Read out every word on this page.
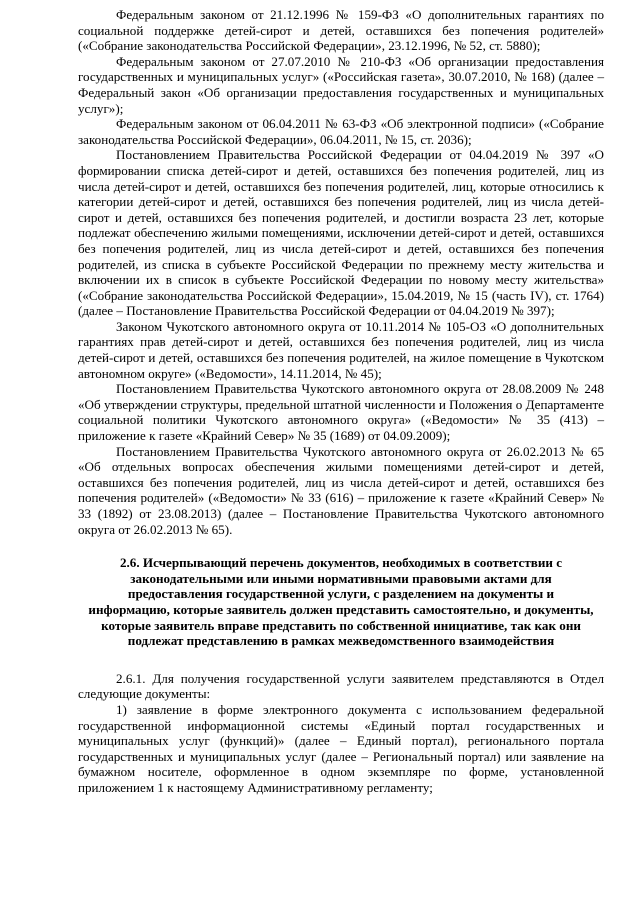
Федеральным законом от 21.12.1996 № 159-ФЗ «О дополнительных гарантиях по социальной поддержке детей-сирот и детей, оставшихся без попечения родителей» («Собрание законодательства Российской Федерации», 23.12.1996, № 52, ст. 5880);

Федеральным законом от 27.07.2010 № 210-ФЗ «Об организации предоставления государственных и муниципальных услуг» («Российская газета», 30.07.2010, № 168) (далее – Федеральный закон «Об организации предоставления государственных и муниципальных услуг»);

Федеральным законом от 06.04.2011 № 63-ФЗ «Об электронной подписи» («Собрание законодательства Российской Федерации», 06.04.2011, № 15, ст. 2036);

Постановлением Правительства Российской Федерации от 04.04.2019 № 397 «О формировании списка детей-сирот и детей, оставшихся без попечения родителей, лиц из числа детей-сирот и детей, оставшихся без попечения родителей, лиц, которые относились к категории детей-сирот и детей, оставшихся без попечения родителей, лиц из числа детей-сирот и детей, оставшихся без попечения родителей, и достигли возраста 23 лет, которые подлежат обеспечению жилыми помещениями, исключении детей-сирот и детей, оставшихся без попечения родителей, лиц из числа детей-сирот и детей, оставшихся без попечения родителей, из списка в субъекте Российской Федерации по прежнему месту жительства и включении их в список в субъекте Российской Федерации по новому месту жительства» («Собрание законодательства Российской Федерации», 15.04.2019, № 15 (часть IV), ст. 1764) (далее – Постановление Правительства Российской Федерации от 04.04.2019 № 397);

Законом Чукотского автономного округа от 10.11.2014 № 105-ОЗ «О дополнительных гарантиях прав детей-сирот и детей, оставшихся без попечения родителей, лиц из числа детей-сирот и детей, оставшихся без попечения родителей, на жилое помещение в Чукотском автономном округе» («Ведомости», 14.11.2014, № 45);

Постановлением Правительства Чукотского автономного округа от 28.08.2009 № 248 «Об утверждении структуры, предельной штатной численности и Положения о Департаменте социальной политики Чукотского автономного округа» («Ведомости» № 35 (413) – приложение к газете «Крайний Север» № 35 (1689) от 04.09.2009);

Постановлением Правительства Чукотского автономного округа от 26.02.2013 № 65 «Об отдельных вопросах обеспечения жилыми помещениями детей-сирот и детей, оставшихся без попечения родителей, лиц из числа детей-сирот и детей, оставшихся без попечения родителей» («Ведомости» № 33 (616) – приложение к газете «Крайний Север» № 33 (1892) от 23.08.2013) (далее – Постановление Правительства Чукотского автономного округа от 26.02.2013 № 65).

2.6. Исчерпывающий перечень документов, необходимых в соответствии с законодательными или иными нормативными правовыми актами для предоставления государственной услуги, с разделением на документы и информацию, которые заявитель должен представить самостоятельно, и документы, которые заявитель вправе представить по собственной инициативе, так как они подлежат представлению в рамках межведомственного взаимодействия

2.6.1. Для получения государственной услуги заявителем представляются в Отдел следующие документы:

1) заявление в форме электронного документа с использованием федеральной государственной информационной системы «Единый портал государственных и муниципальных услуг (функций)» (далее – Единый портал), регионального портала государственных и муниципальных услуг (далее – Региональный портал) или заявление на бумажном носителе, оформленное в одном экземпляре по форме, установленной приложением 1 к настоящему Административному регламенту;
